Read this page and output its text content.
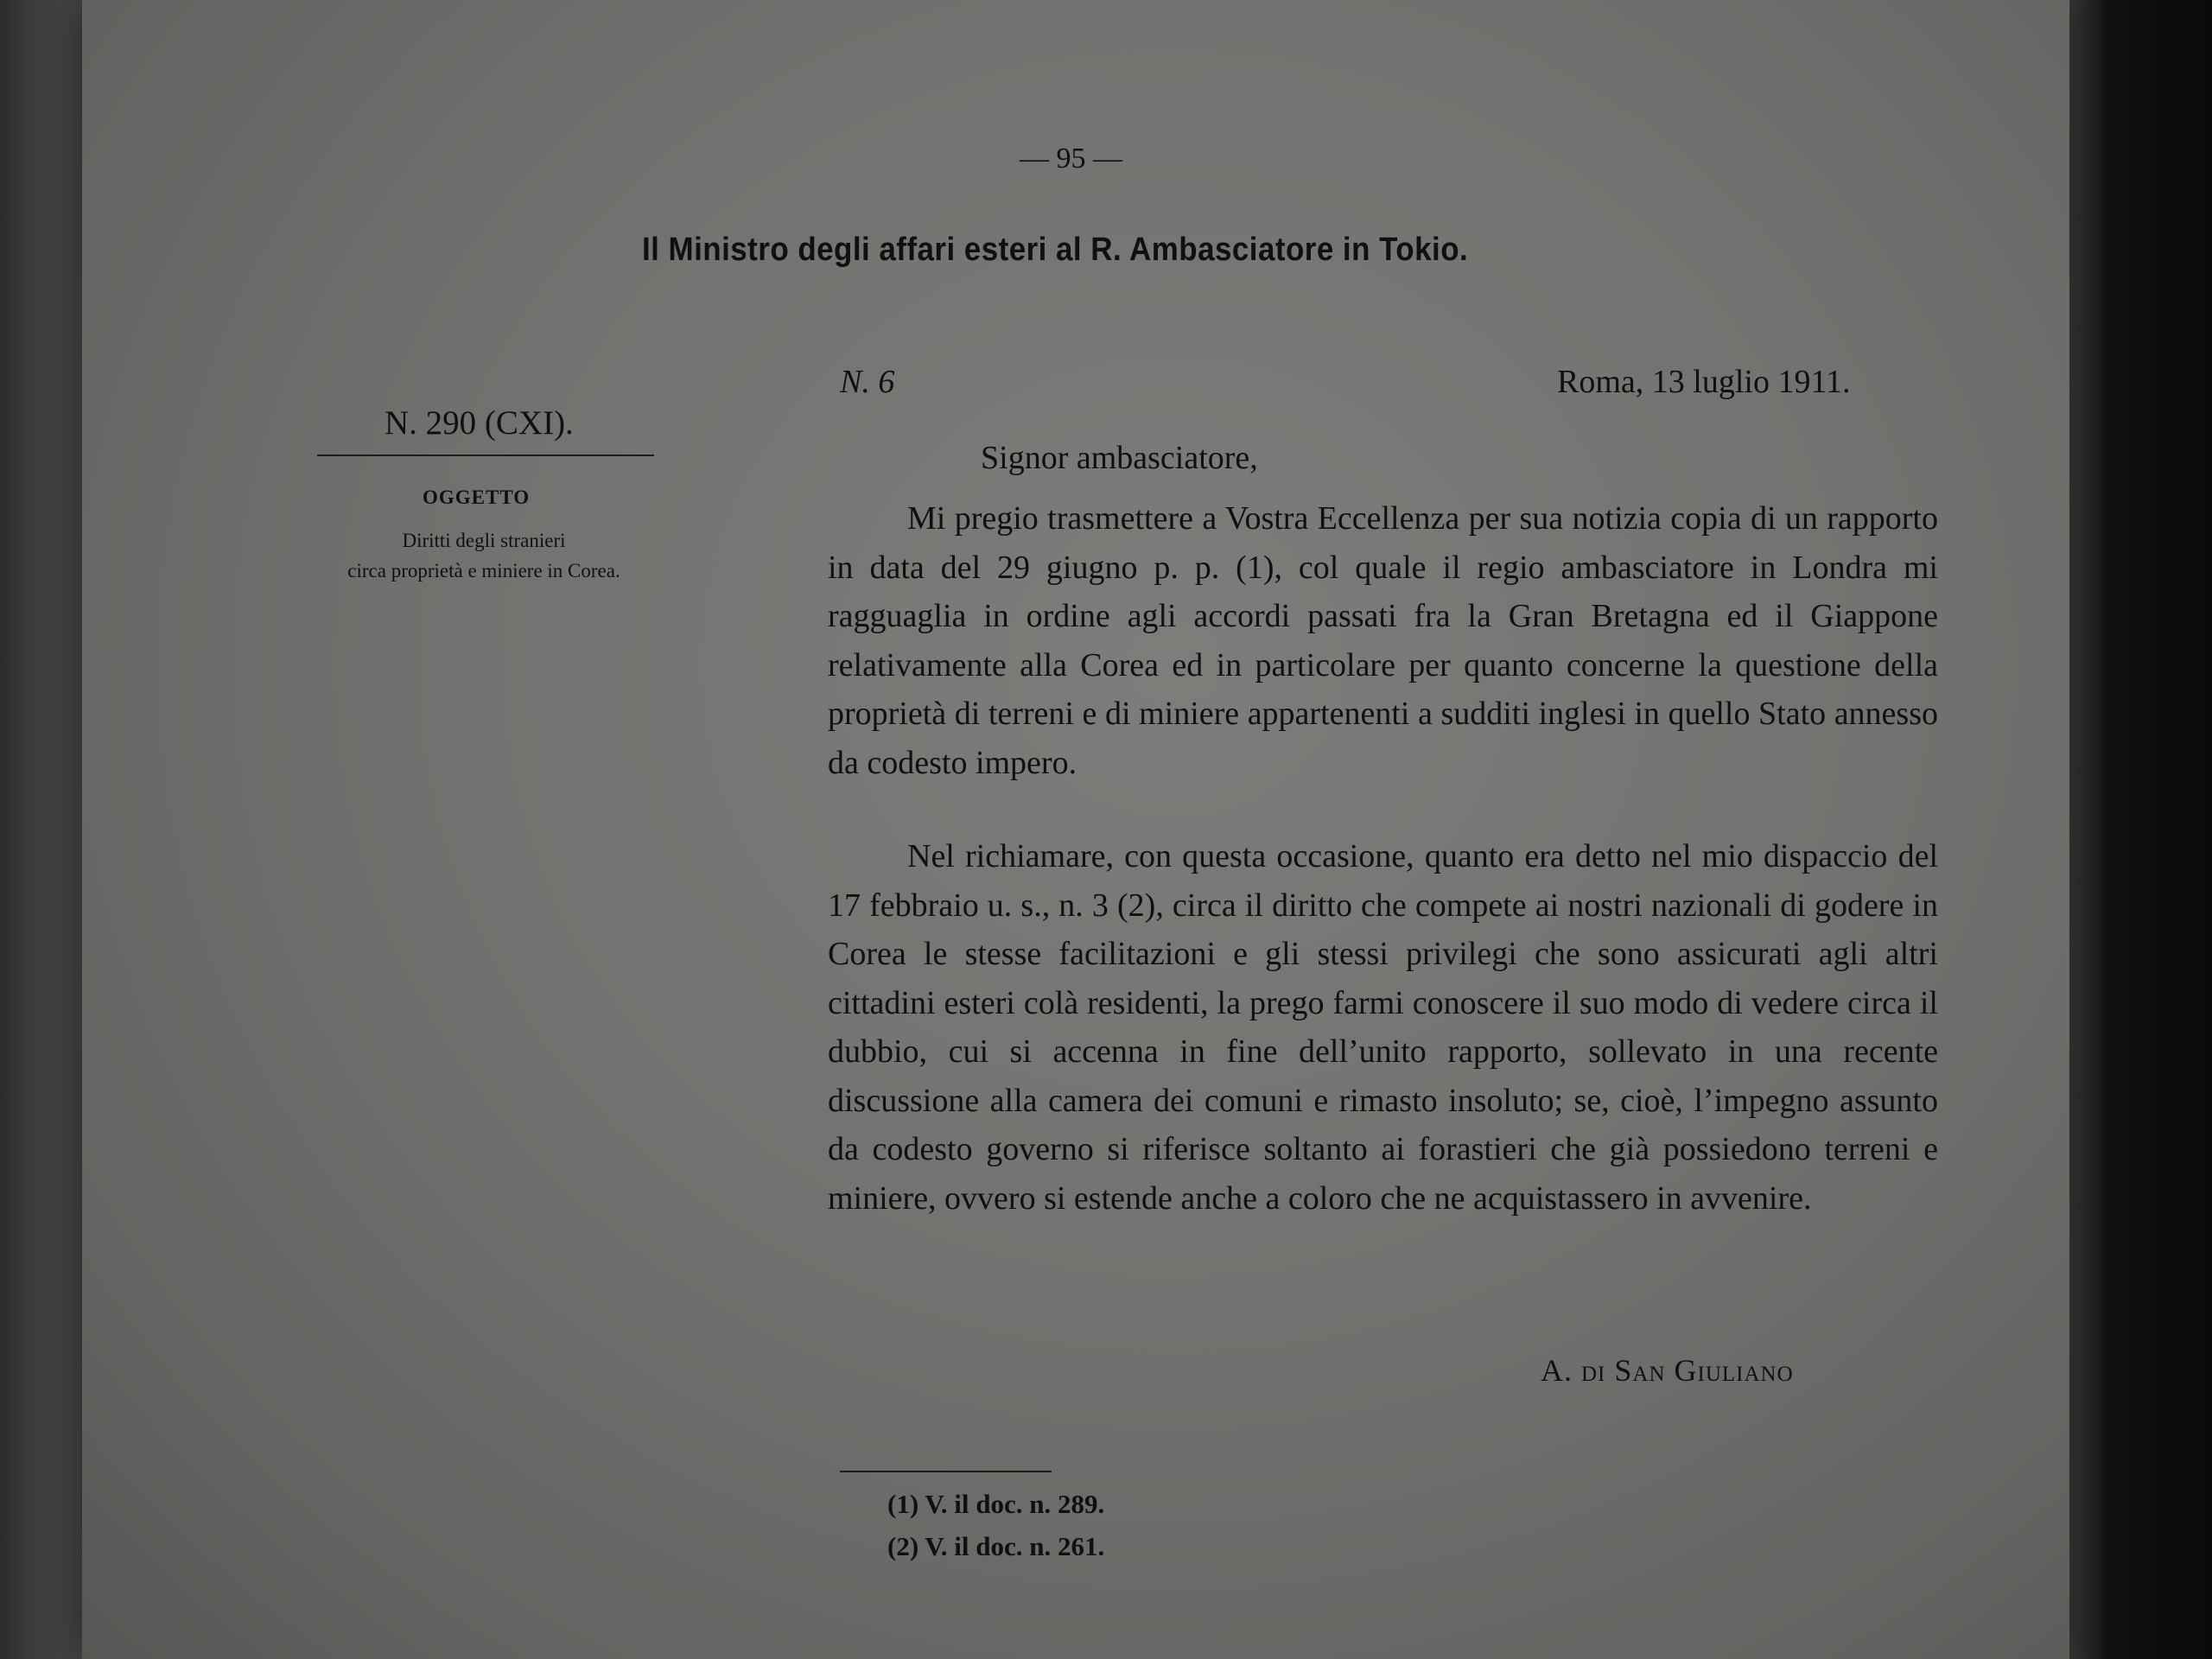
— 95 —
Il Ministro degli affari esteri al R. Ambasciatore in Tokio.
N. 290 (CXI).
OGGETTO
Diritti degli stranieri
circa proprietà e miniere in Corea.
N. 6	Roma, 13 luglio 1911.
Signor ambasciatore,

Mi pregio trasmettere a Vostra Eccellenza per sua notizia copia di un rapporto in data del 29 giugno p. p. (1), col quale il regio ambasciatore in Londra mi ragguaglia in ordine agli accordi passati fra la Gran Bretagna ed il Giappone relativamente alla Corea ed in particolare per quanto concerne la questione della proprietà di terreni e di miniere appartenenti a sudditi inglesi in quello Stato annesso da codesto impero.

Nel richiamare, con questa occasione, quanto era detto nel mio dispaccio del 17 febbraio u. s., n. 3 (2), circa il diritto che compete ai nostri nazionali di godere in Corea le stesse facilitazioni e gli stessi privilegi che sono assicurati agli altri cittadini esteri colà residenti, la prego farmi conoscere il suo modo di vedere circa il dubbio, cui si accenna in fine dell’unito rapporto, sollevato in una recente discussione alla camera dei comuni e rimasto insoluto; se, cioè, l’impegno assunto da codesto governo si riferisce soltanto ai forastieri che già possiedono terreni e miniere, ovvero si estende anche a coloro che ne acquistassero in avvenire.

A. di San Giuliano
(1) V. il doc. n. 289.
(2) V. il doc. n. 261.
